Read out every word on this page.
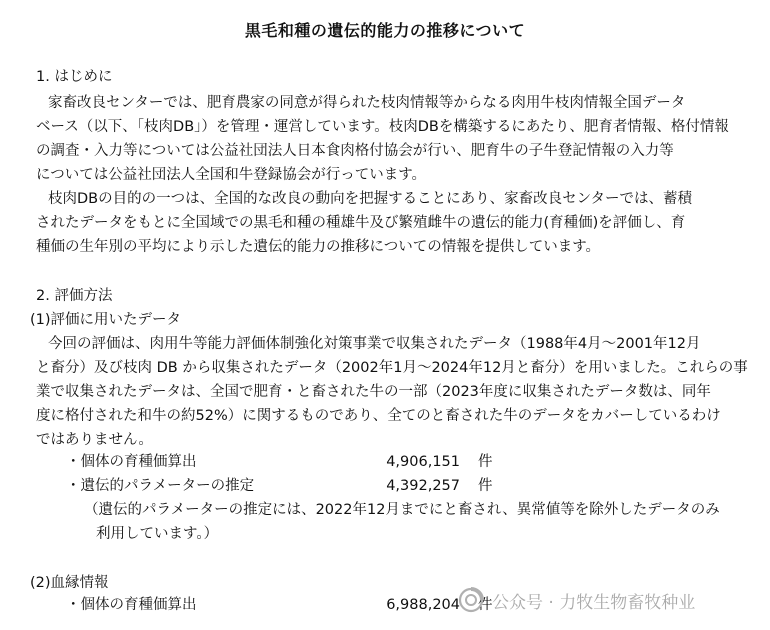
黒毛和種の遺伝的能力の推移について
1. はじめに
家畜改良センターでは、肥育農家の同意が得られた枝肉情報等からなる肉用牛枝肉情報全国データ
ベース（以下、「枝肉DB」）を管理・運営しています。枝肉DBを構築するにあたり、肥育者情報、格付情報
の調査・入力等については公益社団法人日本食肉格付協会が行い、肥育牛の子牛登記情報の入力等
については公益社団法人全国和牛登録協会が行っています。
枝肉DBの目的の一つは、全国的な改良の動向を把握することにあり、家畜改良センターでは、蓄積
されたデータをもとに全国域での黒毛和種の種雄牛及び繁殖雌牛の遺伝的能力(育種価)を評価し、育
種価の生年別の平均により示した遺伝的能力の推移についての情報を提供しています。
2. 評価方法
(1)評価に用いたデータ
今回の評価は、肉用牛等能力評価体制強化対策事業で収集されたデータ（1988年4月～2001年12月
と畜分）及び枝肉 DB から収集されたデータ（2002年1月～2024年12月と畜分）を用いました。これらの事
業で収集されたデータは、全国で肥育・と畜された牛の一部（2023年度に収集されたデータ数は、同年
度に格付された和牛の約52%）に関するものであり、全てのと畜された牛のデータをカバーしているわけ
ではありません。
・個体の育種価算出	4,906,151 件
・遺伝的パラメーターの推定	4,392,257 件
（遺伝的パラメーターの推定には、2022年12月までにと畜され、異常値等を除外したデータのみ
利用しています。）
(2)血縁情報
・個体の育種価算出	6,988,204 件 公众号 · 力牧生物畜牧种业
